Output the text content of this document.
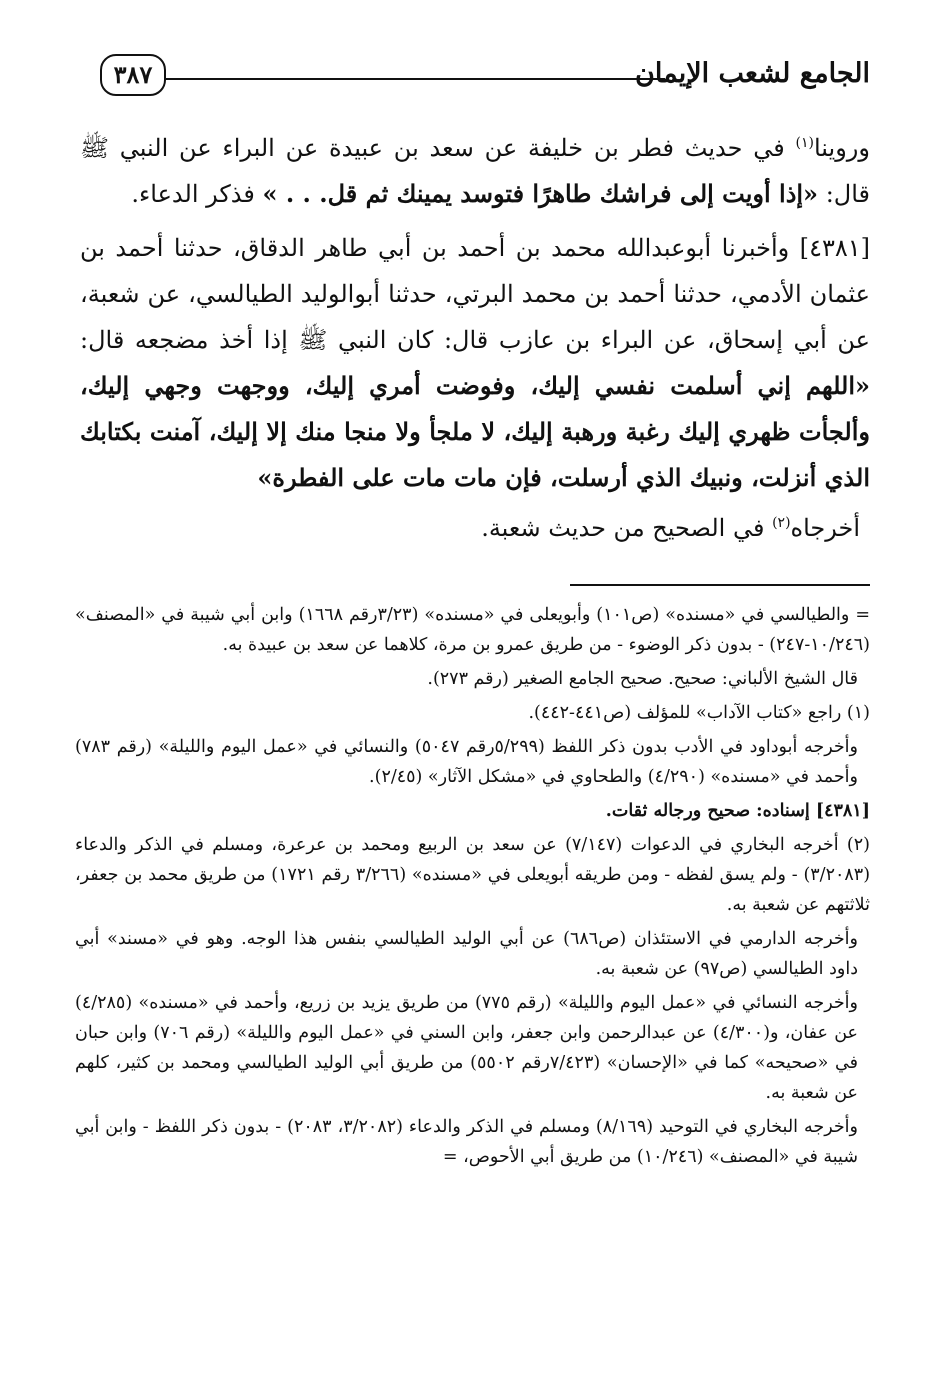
الجامع لشعب الإيمان
٣٨٧

وروينا$^{(١)}$ في حديث فطر بن خليفة عن سعد بن عبيدة عن البراء عن النبي ﷺ قال: «إذا أويت إلى فراشك طاهرًا فتوسد يمينك ثم قل. . . » فذكر الدعاء.

[٤٣٨١] وأخبرنا أبوعبدالله محمد بن أحمد بن أبي طاهر الدقاق، حدثنا أحمد بن عثمان الأدمي، حدثنا أحمد بن محمد البرتي، حدثنا أبوالوليد الطيالسي، عن شعبة، عن أبي إسحاق، عن البراء بن عازب قال: كان النبي ﷺ إذا أخذ مضجعه قال: «اللهم إني أسلمت نفسي إليك، وفوضت أمري إليك، ووجهت وجهي إليك، وألجأت ظهري إليك رغبة ورهبة إليك، لا ملجأ ولا منجا منك إلا إليك، آمنت بكتابك الذي أنزلت، ونبيك الذي أرسلت، فإن مات مات على الفطرة»

أخرجاه$^{(٢)}$ في الصحيح من حديث شعبة.

= والطيالسي في «مسنده» (ص١٠١) وأبويعلى في «مسنده» (٣/٢٣رقم ١٦٦٨) وابن أبي شيبة في «المصنف» (١٠/٢٤٦-٢٤٧) - بدون ذكر الوضوء - من طريق عمرو بن مرة، كلاهما عن سعد بن عبيدة به.

قال الشيخ الألباني: صحيح. صحيح الجامع الصغير (رقم ٢٧٣).

(١) راجع «كتاب الآداب» للمؤلف (ص٤٤١-٤٤٢).

وأخرجه أبوداود في الأدب بدون ذكر اللفظ (٥/٢٩٩رقم ٥٠٤٧) والنسائي في «عمل اليوم والليلة» (رقم ٧٨٣) وأحمد في «مسنده» (٤/٢٩٠) والطحاوي في «مشكل الآثار» (٢/٤٥).

[٤٣٨١] إسناده: صحيح ورجاله ثقات.

(٢) أخرجه البخاري في الدعوات (٧/١٤٧) عن سعد بن الربيع ومحمد بن عرعرة، ومسلم في الذكر والدعاء (٣/٢٠٨٣) - ولم يسق لفظه - ومن طريقه أبويعلى في «مسنده» (٣/٢٦٦ رقم ١٧٢١) من طريق محمد بن جعفر، ثلاثتهم عن شعبة به.

وأخرجه الدارمي في الاستئذان (ص٦٨٦) عن أبي الوليد الطيالسي بنفس هذا الوجه. وهو في «مسند» أبي داود الطيالسي (ص٩٧) عن شعبة به.

وأخرجه النسائي في «عمل اليوم والليلة» (رقم ٧٧٥) من طريق يزيد بن زريع، وأحمد في «مسنده» (٤/٢٨٥) عن عفان، و(٤/٣٠٠) عن عبدالرحمن وابن جعفر، وابن السني في «عمل اليوم والليلة» (رقم ٧٠٦) وابن حبان في «صحيحه» كما في «الإحسان» (٧/٤٢٣رقم ٥٥٠٢) من طريق أبي الوليد الطيالسي ومحمد بن كثير، كلهم عن شعبة به.

وأخرجه البخاري في التوحيد (٨/١٦٩) ومسلم في الذكر والدعاء (٣/٢٠٨٢، ٢٠٨٣) - بدون ذكر اللفظ - وابن أبي شيبة في «المصنف» (١٠/٢٤٦) من طريق أبي الأحوص، =
